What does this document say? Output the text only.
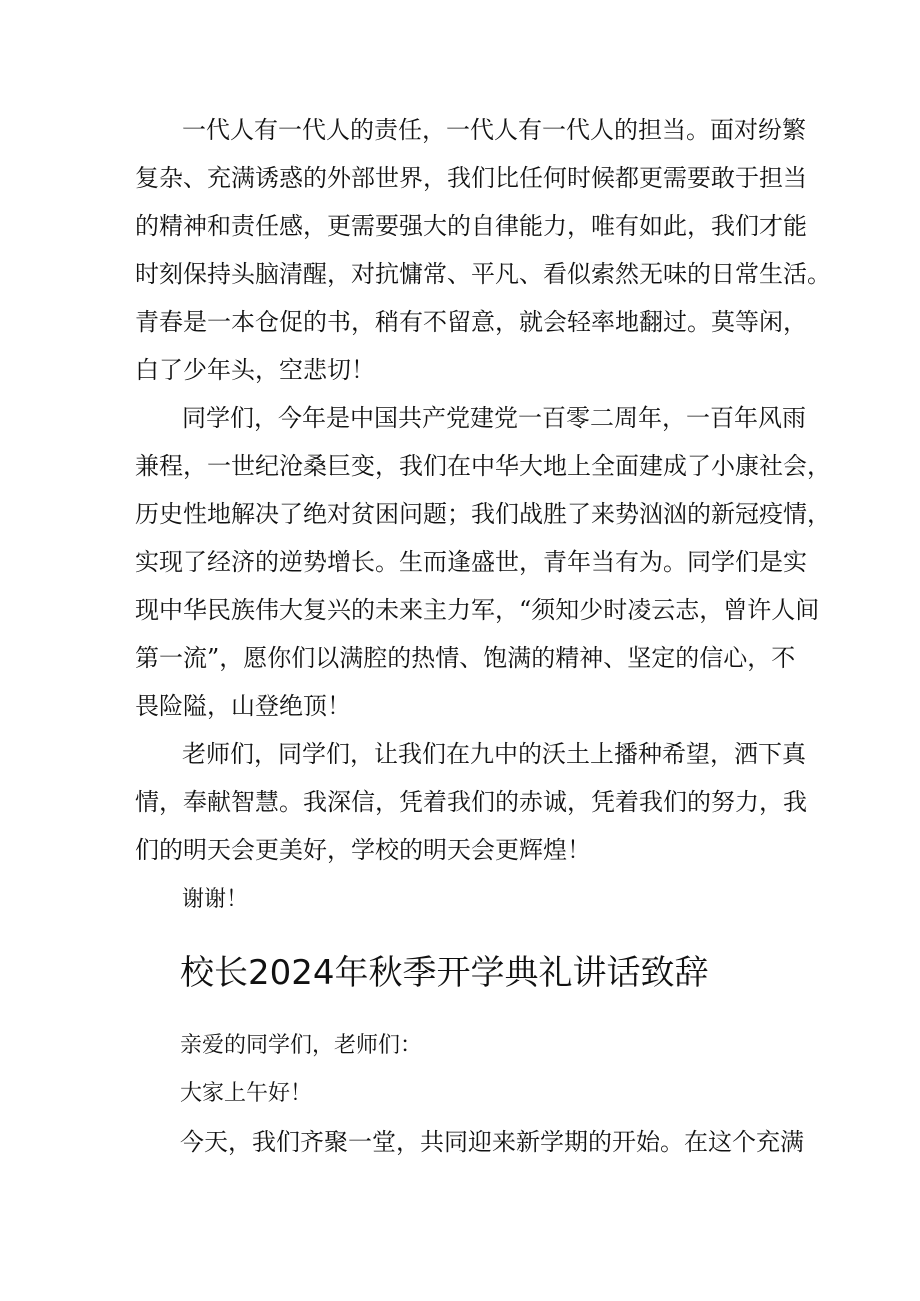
一代人有一代人的责任，一代人有一代人的担当。面对纷繁
复杂、充满诱惑的外部世界，我们比任何时候都更需要敢于担当
的精神和责任感，更需要强大的自律能力，唯有如此，我们才能
时刻保持头脑清醒，对抗慵常、平凡、看似索然无味的日常生活。
青春是一本仓促的书，稍有不留意，就会轻率地翻过。莫等闲，
白了少年头，空悲切！
同学们，今年是中国共产党建党一百零二周年，一百年风雨
兼程，一世纪沧桑巨变，我们在中华大地上全面建成了小康社会，
历史性地解决了绝对贫困问题；我们战胜了来势汹汹的新冠疫情，
实现了经济的逆势增长。生而逢盛世，青年当有为。同学们是实
现中华民族伟大复兴的未来主力军，“须知少时凌云志，曾许人间
第一流”，愿你们以满腔的热情、饱满的精神、坚定的信心，不
畏险隘，山登绝顶！
老师们，同学们，让我们在九中的沃土上播种希望，洒下真
情，奉献智慧。我深信，凭着我们的赤诚，凭着我们的努力，我
们的明天会更美好，学校的明天会更辉煌！
谢谢！
校长2024年秋季开学典礼讲话致辞
亲爱的同学们，老师们：
大家上午好！
今天，我们齐聚一堂，共同迎来新学期的开始。在这个充满
